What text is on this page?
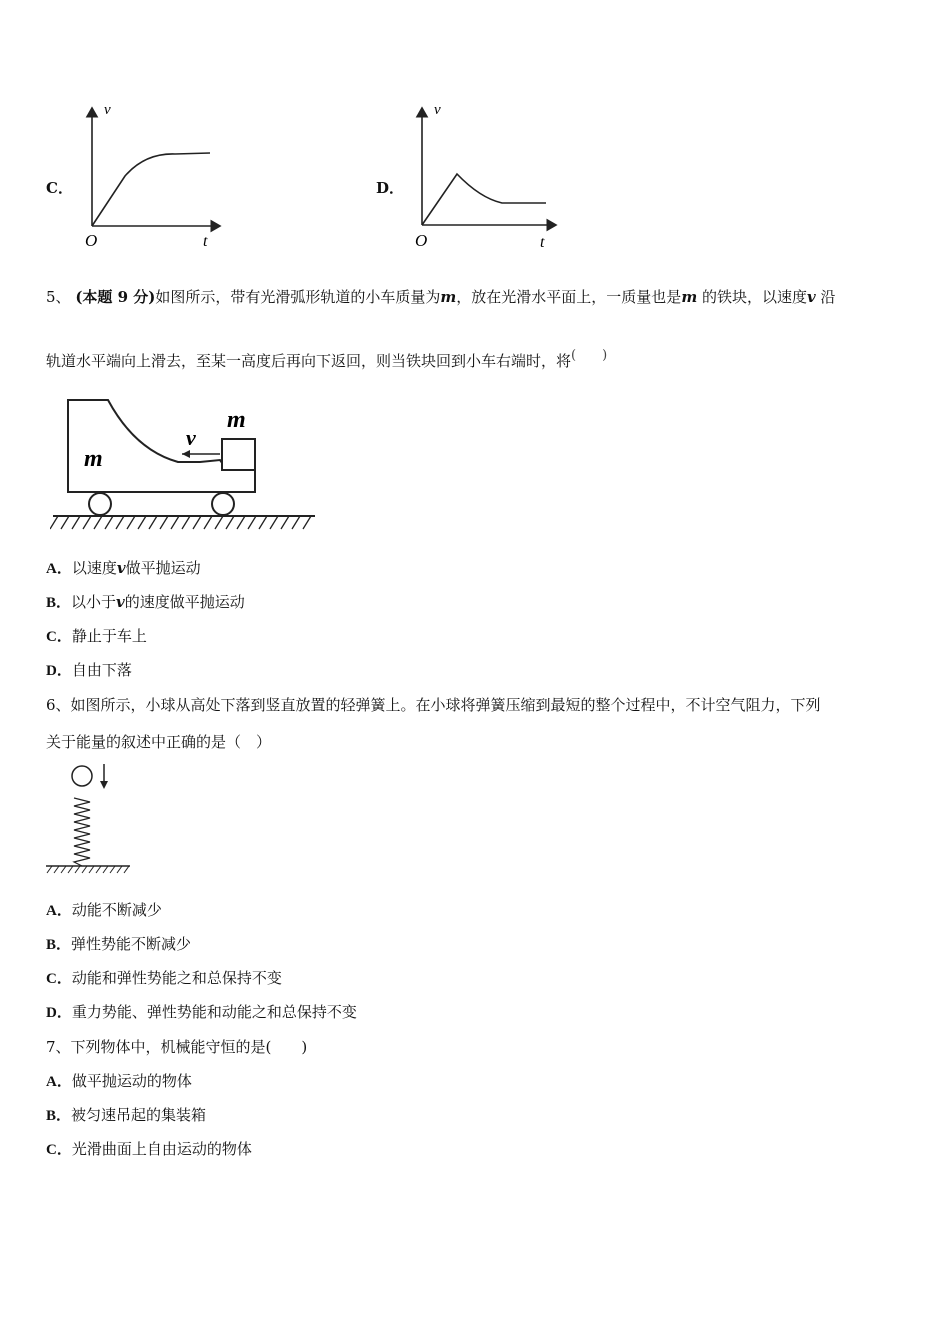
C．
v
t
O
D．
v
t
O
5、 (本题 9 分)如图所示，带有光滑弧形轨道的小车质量为m，放在光滑水平面上，一质量也是m 的铁块，以速度v 沿
轨道水平端向上滑去，至某一高度后再向下返回，则当铁块回到小车右端时，将(　　)
m
m
v
A．以速度v做平抛运动
B．以小于v的速度做平抛运动
C．静止于车上
D．自由下落
6、如图所示，小球从高处下落到竖直放置的轻弹簧上。在小球将弹簧压缩到最短的整个过程中，不计空气阻力，下列
关于能量的叙述中正确的是（　）
A．动能不断减少
B．弹性势能不断减少
C．动能和弹性势能之和总保持不变
D．重力势能、弹性势能和动能之和总保持不变
7、下列物体中，机械能守恒的是(　　)
A．做平抛运动的物体
B．被匀速吊起的集装箱
C．光滑曲面上自由运动的物体
